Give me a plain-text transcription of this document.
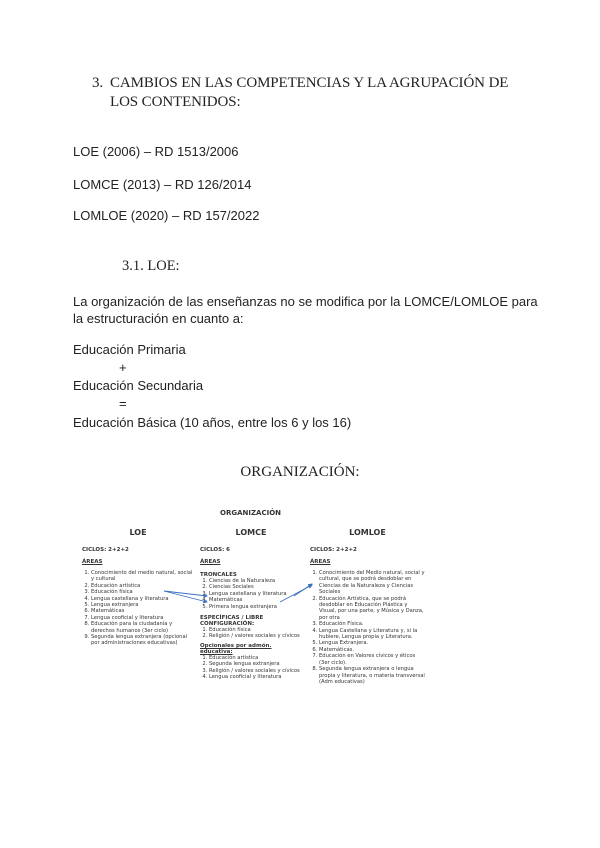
3. CAMBIOS EN LAS COMPETENCIAS Y LA AGRUPACIÓN DE LOS CONTENIDOS:
LOE (2006) – RD 1513/2006
LOMCE (2013) – RD 126/2014
LOMLOE (2020) – RD 157/2022
3.1. LOE:
La organización de las enseñanzas no se modifica por la LOMCE/LOMLOE para la estructuración en cuanto a:
Educación Primaria
+
Educación Secundaria
=
Educación Básica (10 años, entre los 6 y los 16)
ORGANIZACIÓN:
ORGANIZACIÓN
LOE
CICLOS: 2+2+2
ÁREAS
1. Conocimiento del medio natural, social y cultural
2. Educación artística
3. Educación física
4. Lengua castellana y literatura
5. Lengua extranjera
6. Matemáticas
7. Lengua cooficial y literatura
8. Educación para la ciudadanía y derechos humanos (3er ciclo)
9. Segunda lengua extranjera (opcional por administraciones educativas)
LOMCE
CICLOS: 6
ÁREAS
TRONCALES
1. Ciencias de la Naturaleza
2. Ciencias Sociales
3. Lengua castellana y literatura
4. Matemáticas
5. Primera lengua extranjera
ESPECÍFICAS / LIBRE CONFIGURACIÓN:
1. Educación física
2. Religión / valores sociales y cívicos
Opcionales por admón. educativa:
1. Educación artística
2. Segunda lengua extranjera
3. Religión / valores sociales y cívicos
4. Lengua cooficial y literatura
LOMLOE
CICLOS: 2+2+2
ÁREAS
1. Conocimiento del Medio natural, social y cultural, que se podrá desdoblar en Ciencias de la Naturaleza y Ciencias Sociales
2. Educación Artística, que se podrá desdoblar en Educación Plástica y Visual, por una parte, y Música y Danza, por otra
3. Educación Física.
4. Lengua Castellana y Literatura y, si la hubiere, Lengua propia y Literatura.
5. Lengua Extranjera.
6. Matemáticas.
7. Educación en Valores cívicos y éticos (3er ciclo).
8. Segunda lengua extranjera o lengua propia y literatura, o materia transversal (Adm educativas)
